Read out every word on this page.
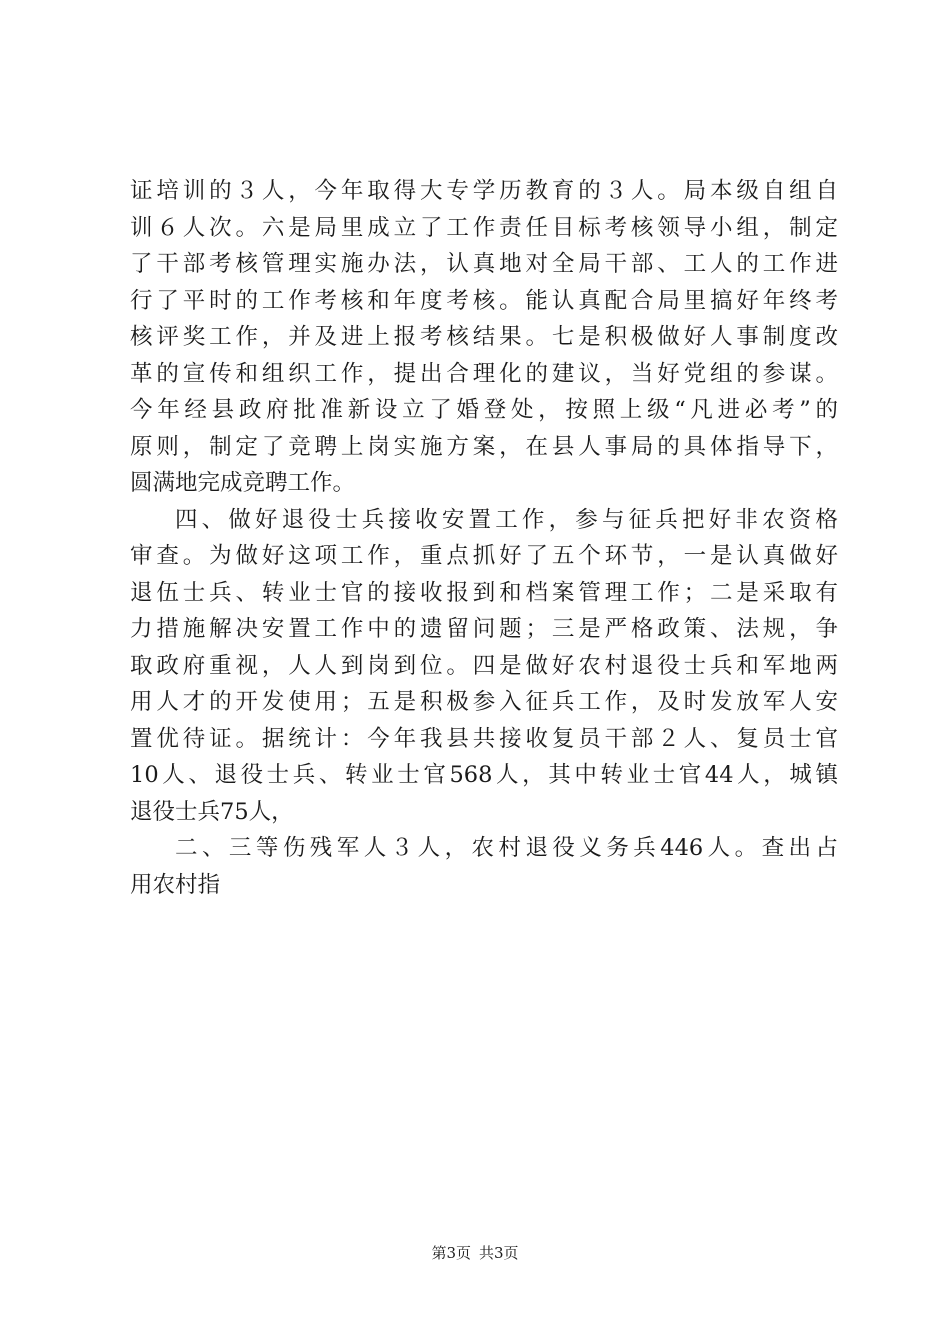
证培训的３人，今年取得大专学历教育的３人。局本级自组自
训６人次。六是局里成立了工作责任目标考核领导小组，制定
了干部考核管理实施办法，认真地对全局干部、工人的工作进
行了平时的工作考核和年度考核。能认真配合局里搞好年终考
核评奖工作，并及进上报考核结果。七是积极做好人事制度改
革的宣传和组织工作，提出合理化的建议，当好党组的参谋。
今年经县政府批准新设立了婚登处，按照上级“凡进必考”的
原则，制定了竞聘上岗实施方案，在县人事局的具体指导下，
圆满地完成竞聘工作。
四、做好退役士兵接收安置工作，参与征兵把好非农资格
审查。为做好这项工作，重点抓好了五个环节，一是认真做好
退伍士兵、转业士官的接收报到和档案管理工作；二是采取有
力措施解决安置工作中的遗留问题；三是严格政策、法规，争
取政府重视，人人到岗到位。四是做好农村退役士兵和军地两
用人才的开发使用；五是积极参入征兵工作，及时发放军人安
置优待证。据统计：今年我县共接收复员干部２人、复员士官
10人、退役士兵、转业士官568人，其中转业士官44人，城镇
退役士兵75人，
二、三等伤残军人３人，农村退役义务兵446人。查出占
用农村指
第3页 共3页
